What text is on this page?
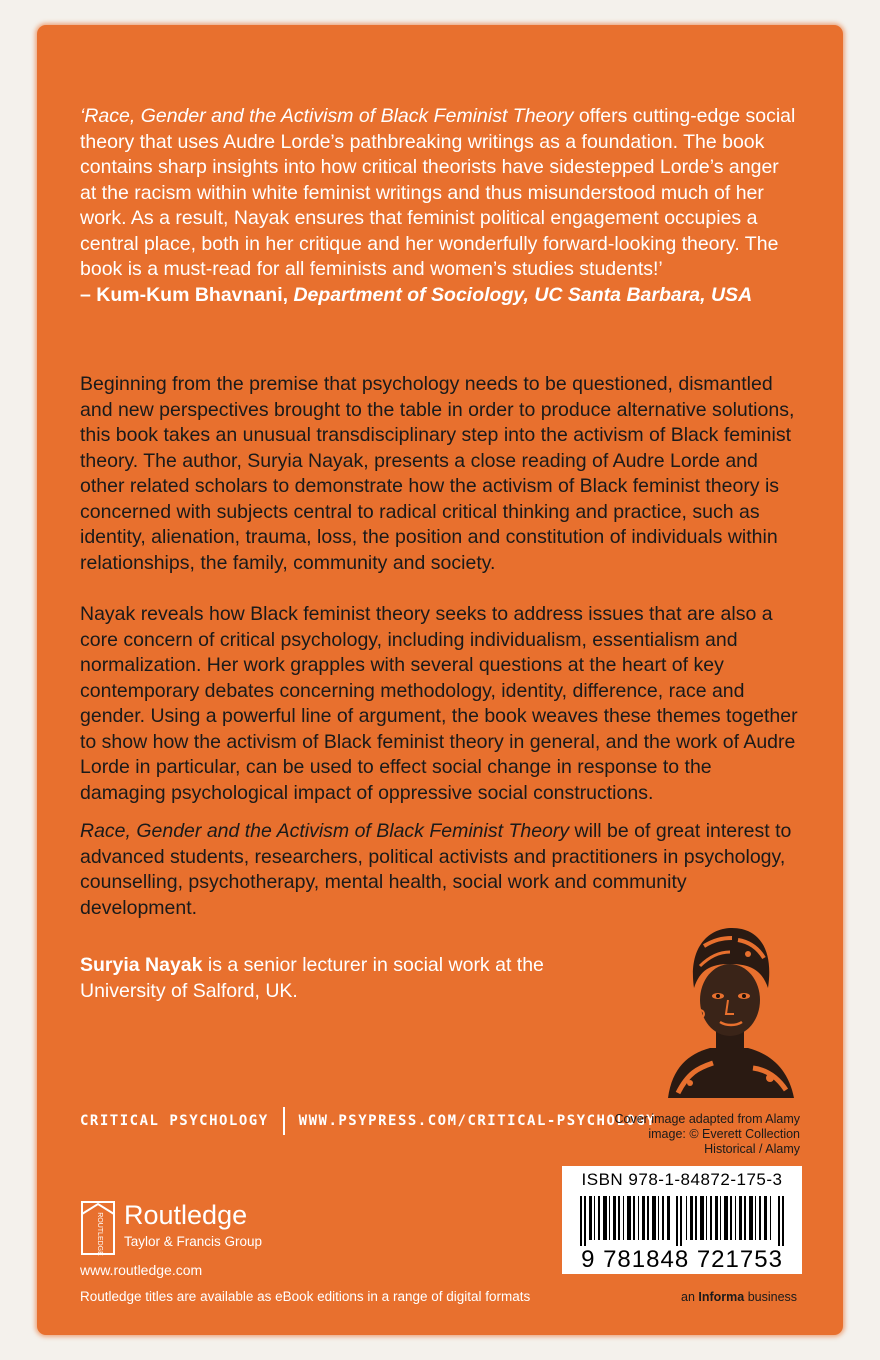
‘Race, Gender and the Activism of Black Feminist Theory offers cutting-edge social theory that uses Audre Lorde’s pathbreaking writings as a foundation. The book contains sharp insights into how critical theorists have sidestepped Lorde’s anger at the racism within white feminist writings and thus misunderstood much of her work. As a result, Nayak ensures that feminist political engagement occupies a central place, both in her critique and her wonderfully forward-looking theory. The book is a must-read for all feminists and women’s studies students!’

– Kum-Kum Bhavnani, Department of Sociology, UC Santa Barbara, USA

Beginning from the premise that psychology needs to be questioned, dismantled and new perspectives brought to the table in order to produce alternative solutions, this book takes an unusual transdisciplinary step into the activism of Black feminist theory. The author, Suryia Nayak, presents a close reading of Audre Lorde and other related scholars to demonstrate how the activism of Black feminist theory is concerned with subjects central to radical critical thinking and practice, such as identity, alienation, trauma, loss, the position and constitution of individuals within relationships, the family, community and society.

Nayak reveals how Black feminist theory seeks to address issues that are also a core concern of critical psychology, including individualism, essentialism and normalization. Her work grapples with several questions at the heart of key contemporary debates concerning methodology, identity, difference, race and gender. Using a powerful line of argument, the book weaves these themes together to show how the activism of Black feminist theory in general, and the work of Audre Lorde in particular, can be used to effect social change in response to the damaging psychological impact of oppressive social constructions.

Race, Gender and the Activism of Black Feminist Theory will be of great interest to advanced students, researchers, political activists and practitioners in psychology, counselling, psychotherapy, mental health, social work and community development.

Suryia Nayak is a senior lecturer in social work at the University of Salford, UK.

CRITICAL PSYCHOLOGY WWW.PSYPRESS.COM/CRITICAL-PSYCHOLOGY
Cover image adapted from Alamy image: © Everett Collection Historical / Alamy
ISBN 978-1-84872-175-3
9 781848 721753
ROUTLEDGE Routledge
Taylor & Francis Group
www.routledge.com
Routledge titles are available as eBook editions in a range of digital formats	an Informa business
